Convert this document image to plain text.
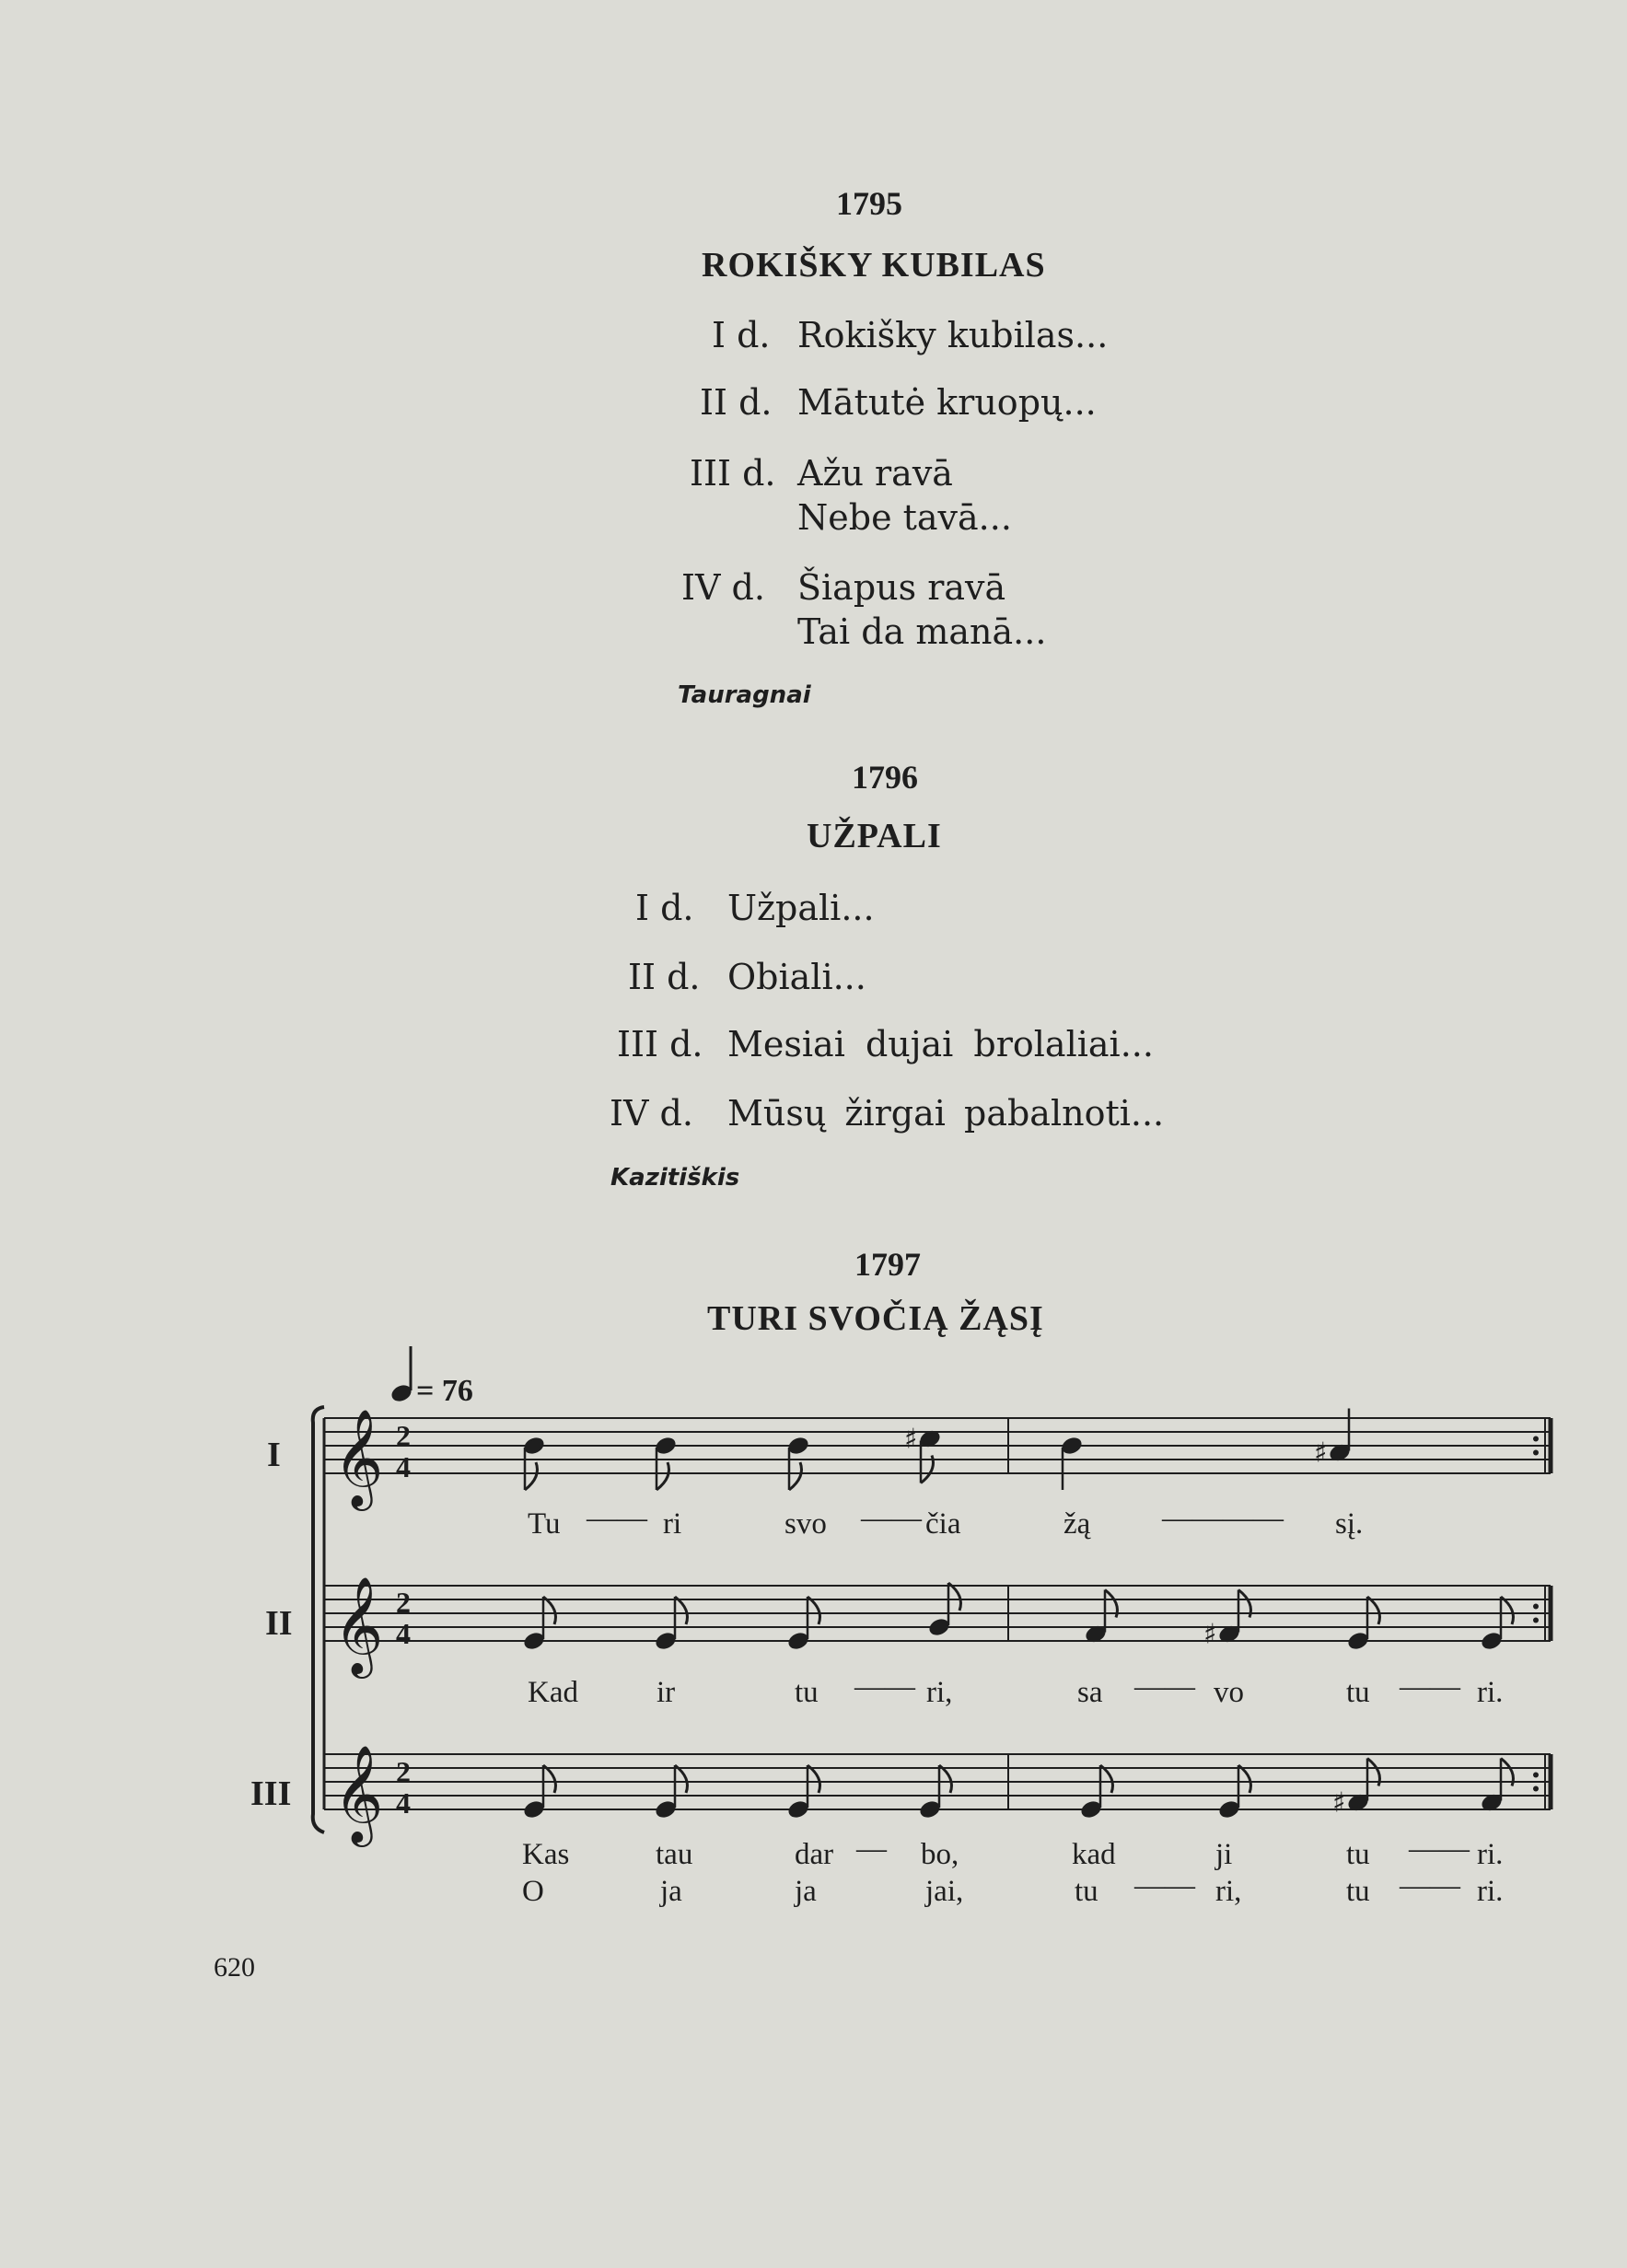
1795
ROKIŠKY KUBILAS
I d. Rokišky kubilas...
II d. Mātutė kruopų...
III d. Ažu ravā
Nebe tavā...
IV d. Šiapus ravā
Tai da manā...
Tauragnai
1796
UŽPALI
I d. Užpali...
II d. Obiali...
III d. Mesiai dujai brolaliai...
IV d. Mūsų žirgai pabalnoti...
Kazitiškis
1797
TURI SVOČIĄ ŽĄSĮ
= 76
I
II
III
𝄞
𝄞
𝄞
2
4
2
4
2
4
♯	♯
♯
♯
Tu	ri	svo	čia	žą	sį.
——	——	————
Kad	ir	tu	ri,	sa	vo	tu	ri.
——	——	——
Kas	tau	dar	bo,	kad	ji	tu	ri.
—	——
O	ja	ja	jai,	tu	ri,	tu	ri.
——	——
620
